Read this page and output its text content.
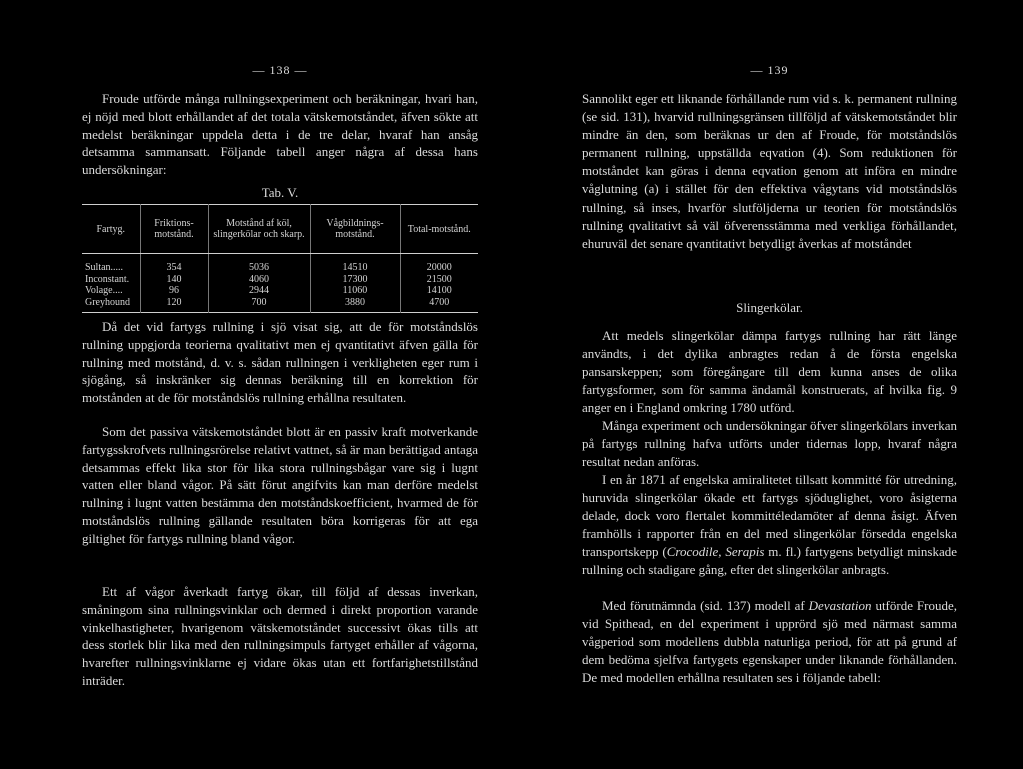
— 138 —

Froude utförde många rullningsexperiment och beräkningar, hvari han, ej nöjd med blott erhållandet af det totala vätskemotståndet, äfven sökte att medelst beräkningar uppdela detta i de tre delar, hvaraf han ansåg detsamma sammansatt. Följande tabell anger några af dessa hans undersökningar:

Tab. V.
Fartyg.	Friktions-motstånd.	Motstånd af köl, slingerkölar och skarp.	Vågbildnings-motstånd.	Total-motstånd.
Sultan.....	354	5036	14510	20000
Inconstant.	140	4060	17300	21500
Volage....	96	2944	11060	14100
Greyhound	120	700	3880	4700

Då det vid fartygs rullning i sjö visat sig, att de för motståndslös rullning uppgjorda teorierna qvalitativt men ej qvantitativt äfven gälla för rullning med motstånd, d. v. s. sådan rullningen i verkligheten eger rum i sjögång, så inskränker sig dennas beräkning till en korrektion för motstånden at de för motståndslös rullning erhållna resultaten.

Som det passiva vätskemotståndet blott är en passiv kraft motverkande fartygsskrofvets rullningsrörelse relativt vattnet, så är man berättigad antaga detsammas effekt lika stor för lika stora rullningsbågar vare sig i lugnt vatten eller bland vågor. På sätt förut angifvits kan man derföre medelst rullning i lugnt vatten bestämma den motståndskoefficient, hvarmed de för motståndslös rullning gällande resultaten böra korrigeras för att ega giltighet för fartygs rullning bland vågor.

Ett af vågor åverkadt fartyg ökar, till följd af dessas inverkan, småningom sina rullningsvinklar och dermed i direkt proportion varande vinkelhastigheter, hvarigenom vätskemotståndet successivt ökas tills att dess storlek blir lika med den rullningsimpuls fartyget erhåller af vågorna, hvarefter rullningsvinklarne ej vidare ökas utan ett fortfarighetstillstånd inträder.

— 139

Sannolikt eger ett liknande förhållande rum vid s. k. permanent rullning (se sid. 131), hvarvid rullningsgränsen tillföljd af vätskemotståndet blir mindre än den, som beräknas ur den af Froude, för motståndslös permanent rullning, uppställda eqvation (4). Som reduktionen för motståndet kan göras i denna eqvation genom att införa en mindre våglutning (a) i stället för den effektiva vågytans vid motståndslös rullning, så inses, hvarför slutföljderna ur teorien för motståndslös rullning qvalitativt så väl öfverensstämma med verkliga förhållandet, ehuruväl det senare qvantitativt betydligt åverkas af motståndet

Slingerkölar.

Att medels slingerkölar dämpa fartygs rullning har rätt länge användts, i det dylika anbragtes redan å de första engelska pansarskeppen; som föregångare till dem kunna anses de olika fartygsformer, som för samma ändamål konstruerats, af hvilka fig. 9 anger en i England omkring 1780 utförd.

Många experiment och undersökningar öfver slingerkölars inverkan på fartygs rullning hafva utförts under tidernas lopp, hvaraf några resultat nedan anföras.

I en år 1871 af engelska amiralitetet tillsatt kommitté för utredning, huruvida slingerkölar ökade ett fartygs sjöduglighet, voro åsigterna delade, dock voro flertalet kommittéledamöter af denna åsigt. Äfven framhölls i rapporter från en del med slingerkölar försedda engelska transportskepp (Crocodile, Serapis m. fl.) fartygens betydligt minskade rullning och stadigare gång, efter det slingerkölar anbragts.

Med förutnämnda (sid. 137) modell af Devastation utförde Froude, vid Spithead, en del experiment i upprörd sjö med närmast samma vågperiod som modellens dubbla naturliga period, för att på grund af dem bedöma sjelfva fartygets egenskaper under liknande förhållanden. De med modellen erhållna resultaten ses i följande tabell:
